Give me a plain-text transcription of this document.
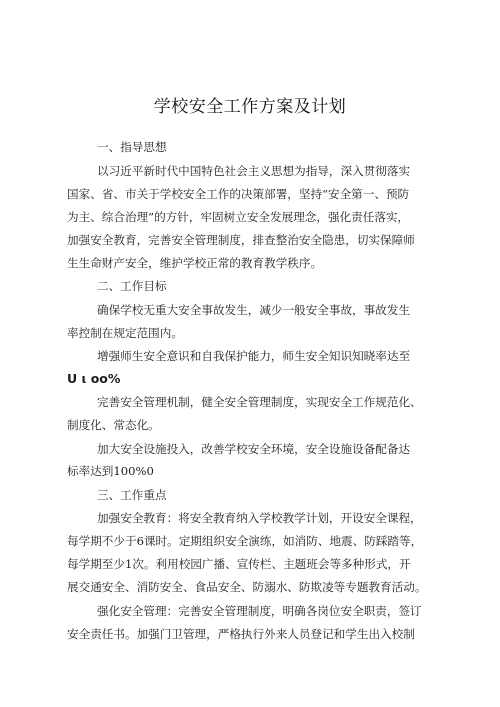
学校安全工作方案及计划
一、指导思想
以习近平新时代中国特色社会主义思想为指导，深入贯彻落实
国家、省、市关于学校安全工作的决策部署，坚持“安全第一、预防
为主、综合治理”的方针，牢固树立安全发展理念，强化责任落实，
加强安全教育，完善安全管理制度，排查整治安全隐患，切实保障师
生生命财产安全，维护学校正常的教育教学秩序。
二、工作目标
确保学校无重大安全事故发生，减少一般安全事故，事故发生
率控制在规定范围内。
增强师生安全意识和自我保护能力，师生安全知识知晓率达至
U ι oo%
完善安全管理机制，健全安全管理制度，实现安全工作规范化、
制度化、常态化。
加大安全设施投入，改善学校安全环境，安全设施设备配备达
标率达到100%0
三、工作重点
加强安全教育：将安全教育纳入学校教学计划，开设安全课程，
每学期不少于6课时。定期组织安全演练，如消防、地震、防踩踏等，
每学期至少1次。利用校园广播、宣传栏、主题班会等多种形式，开
展交通安全、消防安全、食品安全、防溺水、防欺凌等专题教育活动。
强化安全管理：完善安全管理制度，明确各岗位安全职责，签订
安全责任书。加强门卫管理，严格执行外来人员登记和学生出入校制
